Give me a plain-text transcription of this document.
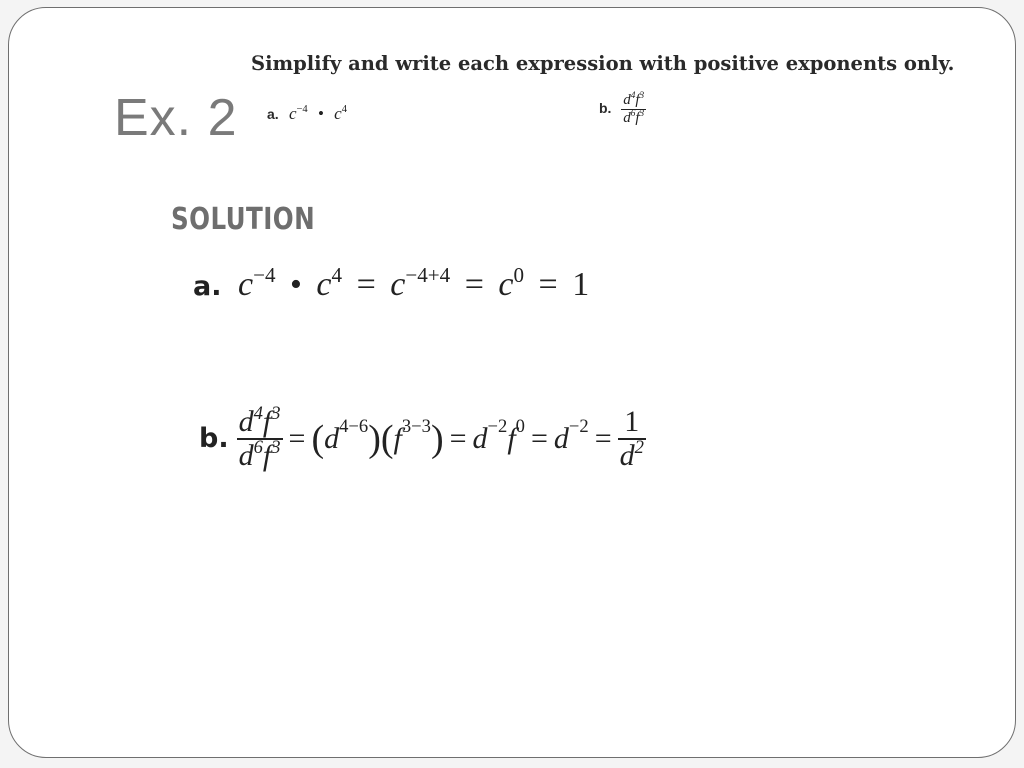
Ex. 2
Simplify and write each expression with positive exponents only.
a. $c^{-4}$ • $c^4$	b. $\frac{d^4f^3}{d^6f^3}$
SOLUTION
a. $c^{-4}$ • $c^4 = c^{-4+4} = c^0 = 1$
b. $\frac{d^4f^3}{d^6f^3}$ = ( $d^{4-6}$ ) ( $f^{3-3}$ ) = $d^{-2}$ $f^0 = d^{-2} = \frac{1}{d^2}$
